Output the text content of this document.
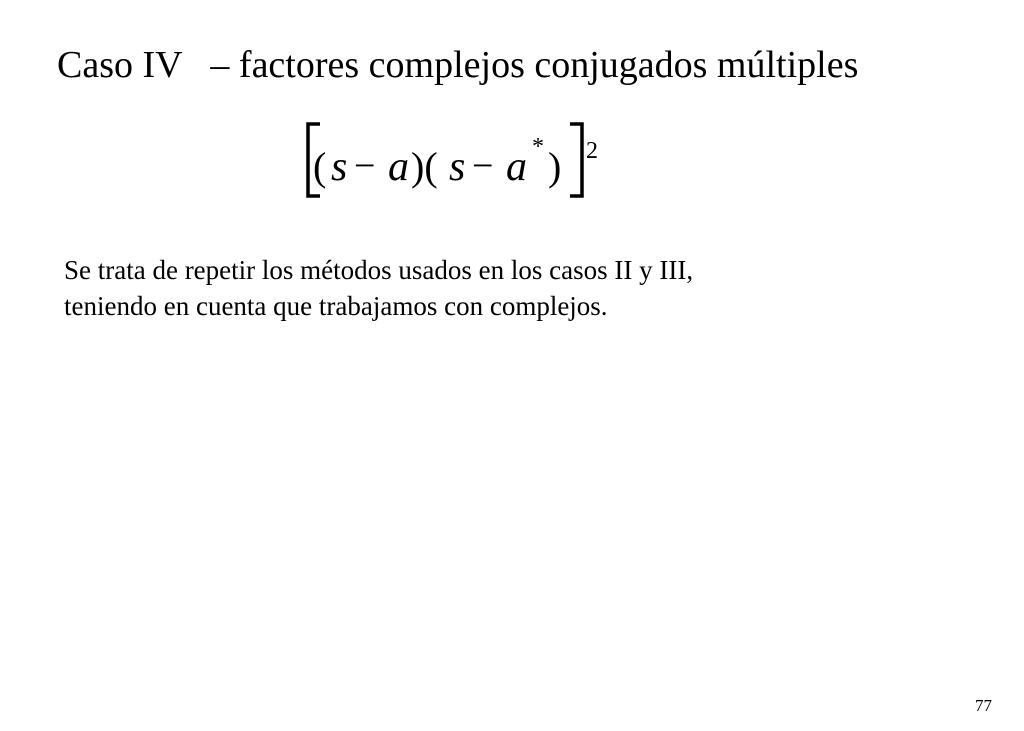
Caso IV   – factores complejos conjugados múltiples
( s − a )( s − a * ) 2

Se trata de repetir los métodos usados en los casos II y III,

teniendo en cuenta que trabajamos con complejos.

77
